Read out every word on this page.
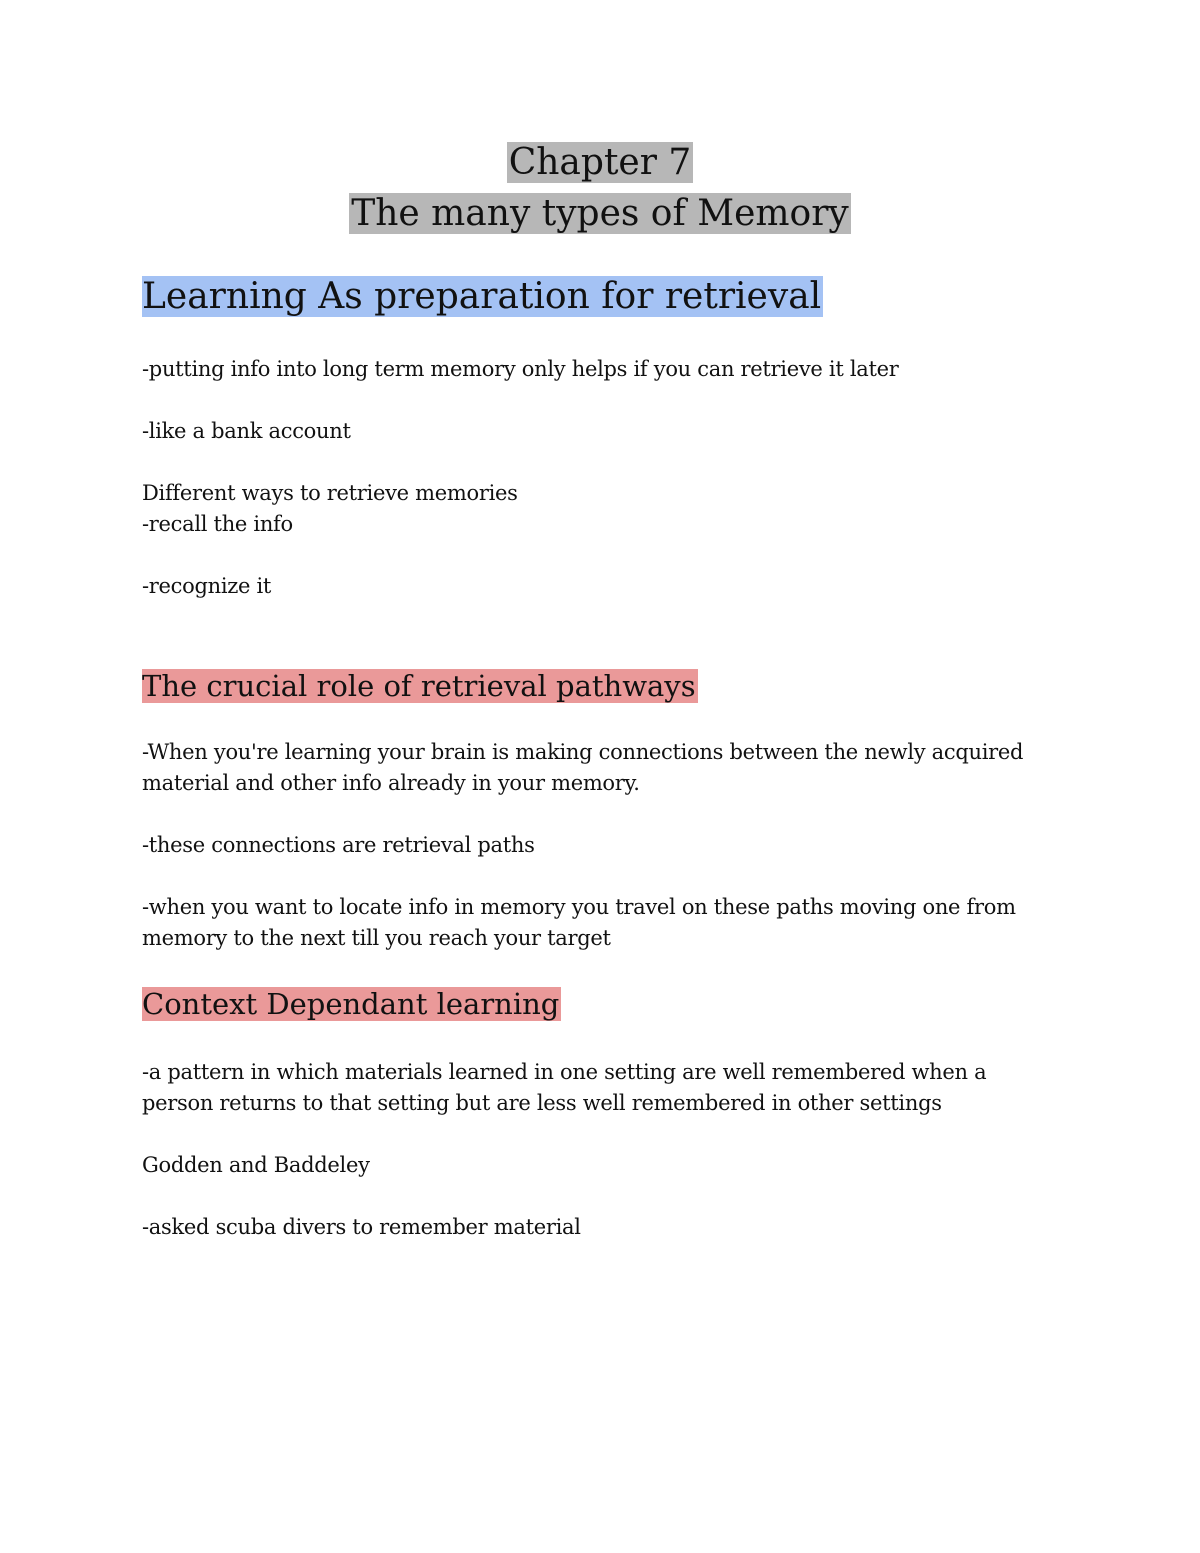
Chapter 7
The many types of Memory
Learning As preparation for retrieval
-putting info into long term memory only helps if you can retrieve it later
-like a bank account
Different ways to retrieve memories
-recall the info
-recognize it
The crucial role of retrieval pathways
-When you're learning your brain is making connections between the newly acquired
material and other info already in your memory.
-these connections are retrieval paths
-when you want to locate info in memory you travel on these paths moving one from
memory to the next till you reach your target
Context Dependant learning
-a pattern in which materials learned in one setting are well remembered when a
person returns to that setting but are less well remembered in other settings
Godden and Baddeley
-asked scuba divers to remember material
